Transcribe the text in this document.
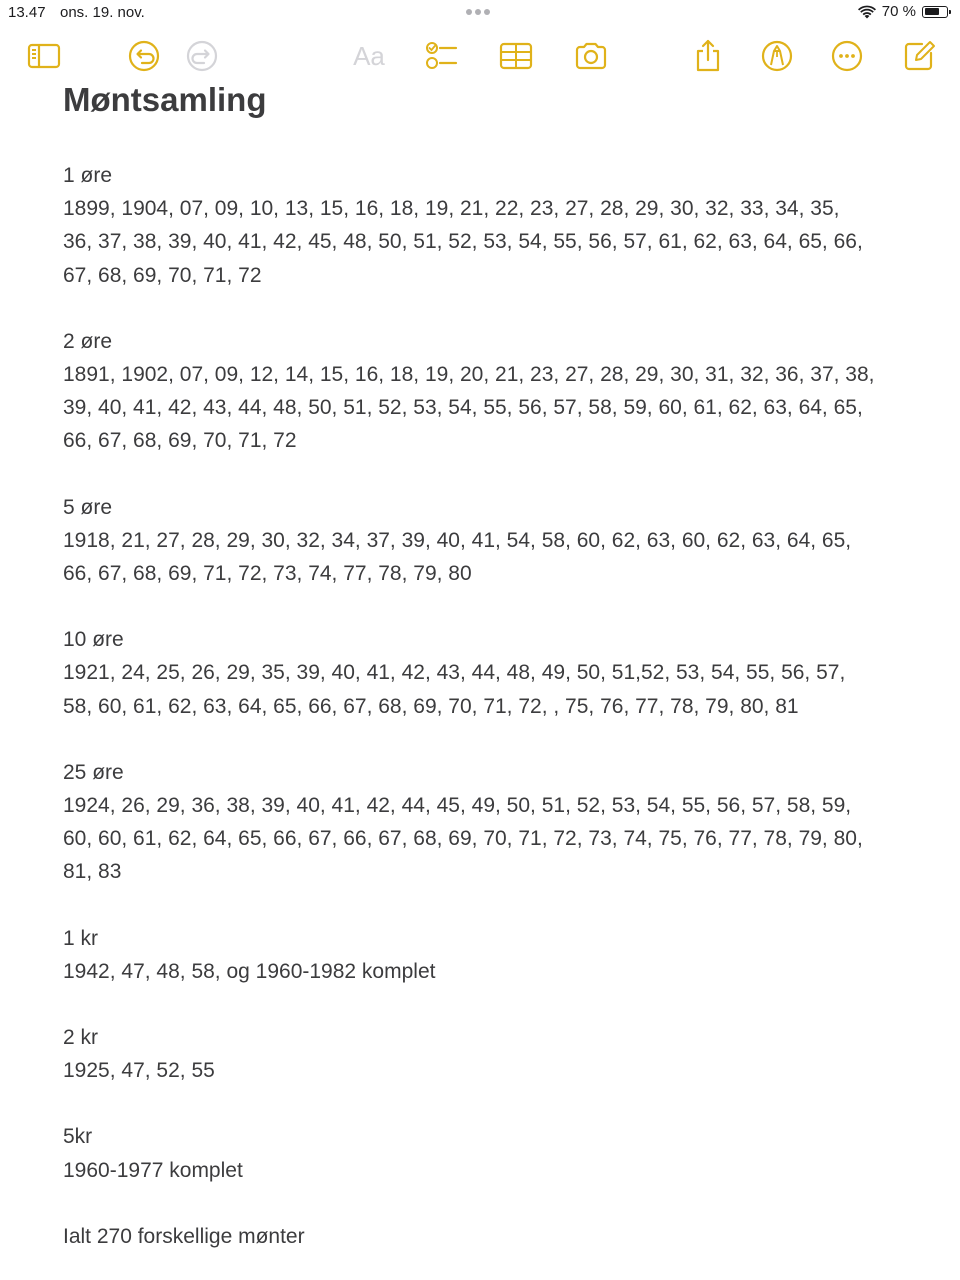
13.47 ons. 19. nov.	70 %
Aa
Møntsamling
1 øre
1899, 1904, 07, 09, 10, 13, 15, 16, 18, 19, 21, 22, 23, 27, 28, 29, 30, 32, 33, 34, 35,
36, 37, 38, 39, 40, 41, 42, 45, 48, 50, 51, 52, 53, 54, 55, 56, 57, 61, 62, 63, 64, 65, 66,
67, 68, 69, 70, 71, 72
2 øre
1891, 1902, 07, 09, 12, 14, 15, 16, 18, 19, 20, 21, 23, 27, 28, 29, 30, 31, 32, 36, 37, 38,
39, 40, 41, 42, 43, 44, 48, 50, 51, 52, 53, 54, 55, 56, 57, 58, 59, 60, 61, 62, 63, 64, 65,
66, 67, 68, 69, 70, 71, 72
5 øre
1918, 21, 27, 28, 29, 30, 32, 34, 37, 39, 40, 41, 54, 58, 60, 62, 63, 60, 62, 63, 64, 65,
66, 67, 68, 69, 71, 72, 73, 74, 77, 78, 79, 80
10 øre
1921, 24, 25, 26, 29, 35, 39, 40, 41, 42, 43, 44, 48, 49, 50, 51,52, 53, 54, 55, 56, 57,
58, 60, 61, 62, 63, 64, 65, 66, 67, 68, 69, 70, 71, 72, , 75, 76, 77, 78, 79, 80, 81
25 øre
1924, 26, 29, 36, 38, 39, 40, 41, 42, 44, 45, 49, 50, 51, 52, 53, 54, 55, 56, 57, 58, 59,
60, 60, 61, 62, 64, 65, 66, 67, 66, 67, 68, 69, 70, 71, 72, 73, 74, 75, 76, 77, 78, 79, 80,
81, 83
1 kr
1942, 47, 48, 58, og 1960-1982 komplet
2 kr
1925, 47, 52, 55
5kr
1960-1977 komplet
Ialt 270 forskellige mønter
